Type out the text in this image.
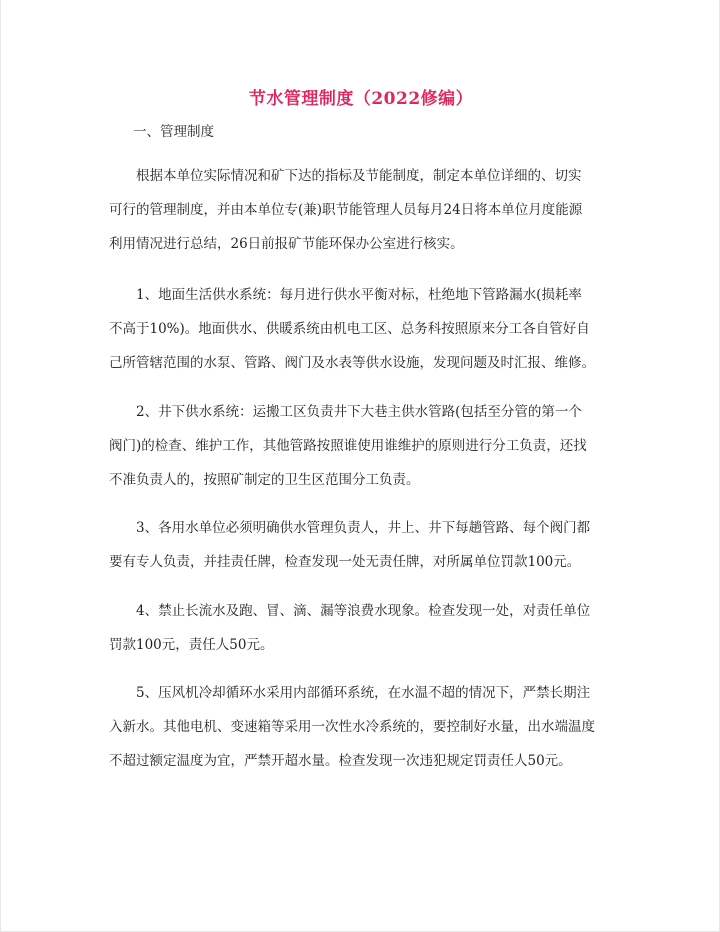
节水管理制度（2022修编）
一、管理制度
根据本单位实际情况和矿下达的指标及节能制度，制定本单位详细的、切实
可行的管理制度，并由本单位专(兼)职节能管理人员每月24日将本单位月度能源
利用情况进行总结，26日前报矿节能环保办公室进行核实。
1、地面生活供水系统：每月进行供水平衡对标，杜绝地下管路漏水(损耗率
不高于10%)。地面供水、供暖系统由机电工区、总务科按照原来分工各自管好自
己所管辖范围的水泵、管路、阀门及水表等供水设施，发现问题及时汇报、维修。
2、井下供水系统：运搬工区负责井下大巷主供水管路(包括至分管的第一个
阀门)的检查、维护工作，其他管路按照谁使用谁维护的原则进行分工负责，还找
不准负责人的，按照矿制定的卫生区范围分工负责。
3、各用水单位必须明确供水管理负责人，井上、井下每趟管路、每个阀门都
要有专人负责，并挂责任牌，检查发现一处无责任牌，对所属单位罚款100元。
4、禁止长流水及跑、冒、滴、漏等浪费水现象。检查发现一处，对责任单位
罚款100元，责任人50元。
5、压风机冷却循环水采用内部循环系统，在水温不超的情况下，严禁长期注
入新水。其他电机、变速箱等采用一次性水冷系统的，要控制好水量，出水端温度
不超过额定温度为宜，严禁开超水量。检查发现一次违犯规定罚责任人50元。
